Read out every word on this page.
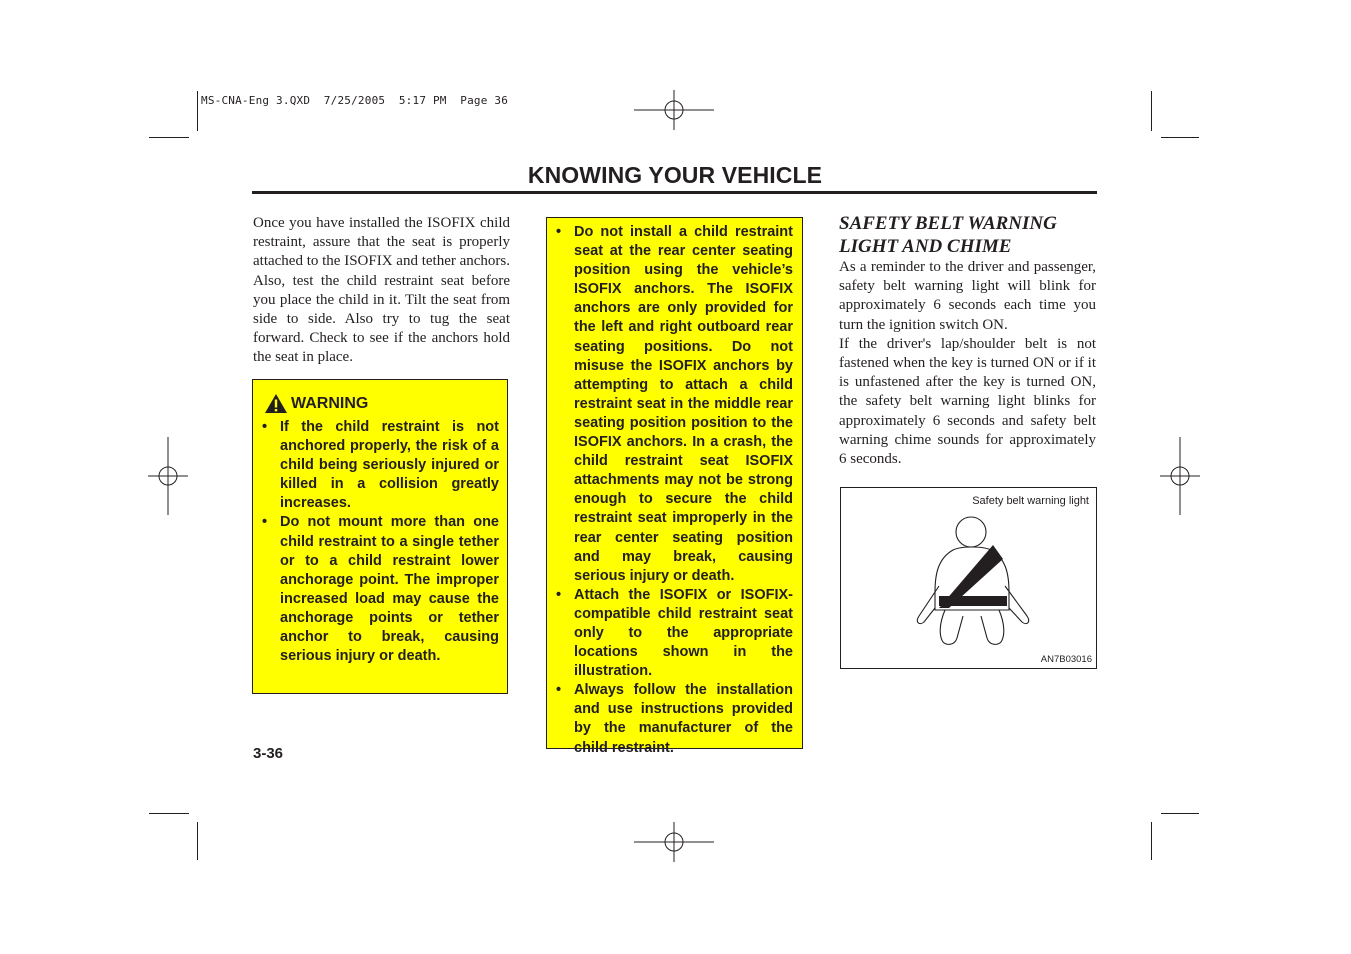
MS-CNA-Eng 3.QXD  7/25/2005  5:17 PM  Page 36
KNOWING YOUR VEHICLE
Once you have installed the ISOFIX child restraint, assure that the seat is properly attached to the ISOFIX and tether anchors. Also, test the child restraint seat before you place the child in it. Tilt the seat from side to side. Also try to tug the seat forward. Check to see if the anchors hold the seat in place.
WARNING
• If the child restraint is not anchored properly, the risk of a child being seriously injured or killed in a collision greatly increases.
• Do not mount more than one child restraint to a single tether or to a child restraint lower anchorage point. The improper increased load may cause the anchorage points or tether anchor to break, causing serious injury or death.
• Do not install a child restraint seat at the rear center seating position using the vehicle’s ISOFIX anchors. The ISOFIX anchors are only provided for the left and right outboard rear seating positions. Do not misuse the ISOFIX anchors by attempting to attach a child restraint seat in the middle rear seating position position to the ISOFIX anchors. In a crash, the child restraint seat ISOFIX attachments may not be strong enough to secure the child restraint seat improperly in the rear center seating position and may break, causing serious injury or death.
• Attach the ISOFIX or ISOFIX-compatible child restraint seat only to the appropriate locations shown in the illustration.
• Always follow the installation and use instructions provided by the manufacturer of the child restraint.
SAFETY BELT WARNING LIGHT AND CHIME

As a reminder to the driver and passenger, safety belt warning light will blink for approximately 6 seconds each time you turn the ignition switch ON.

If the driver's lap/shoulder belt is not fastened when the key is turned ON or if it is unfastened after the key is turned ON, the safety belt warning light blinks for approximately 6 seconds and safety belt warning chime sounds for approximately 6 seconds.

Safety belt warning light
AN7B03016
3-36
